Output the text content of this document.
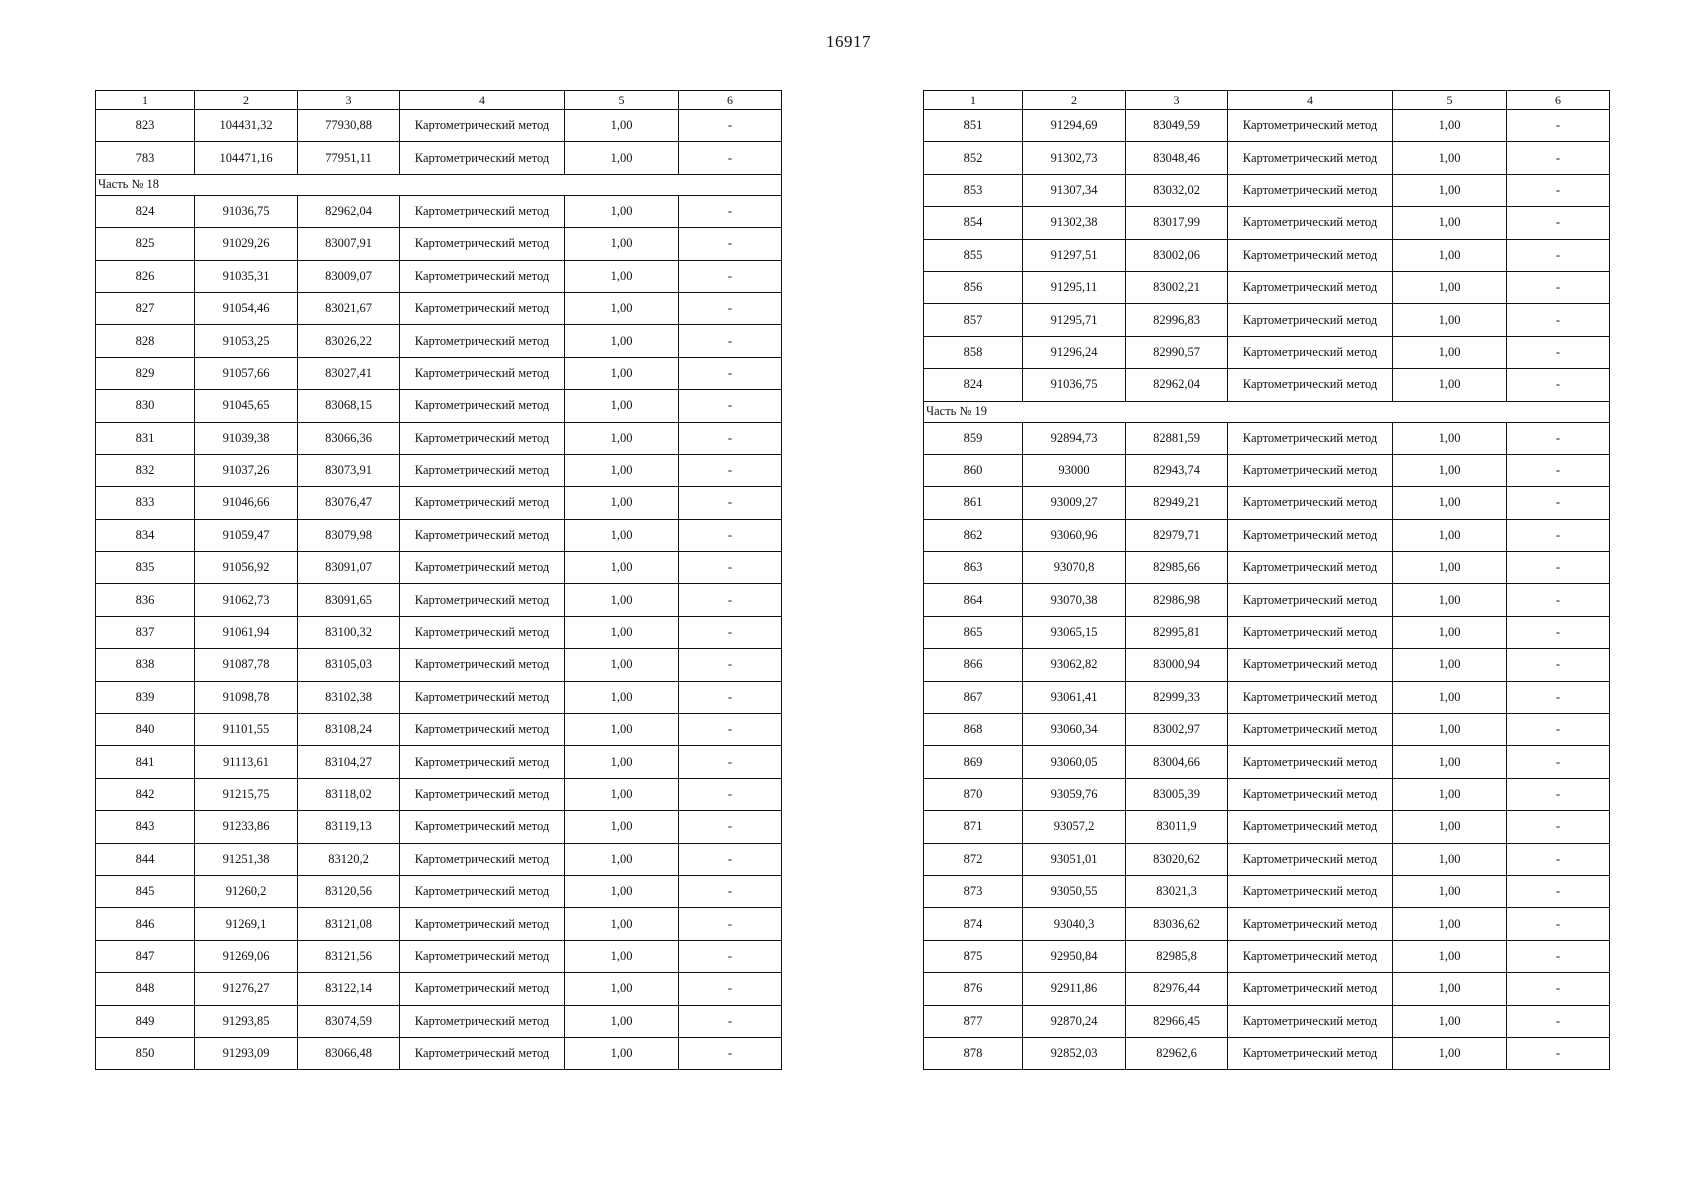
16917
1	2	3	4	5	6
823	104431,32	77930,88	Картометрический метод	1,00	-
783	104471,16	77951,11	Картометрический метод	1,00	-
Часть № 18					
824	91036,75	82962,04	Картометрический метод	1,00	-
825	91029,26	83007,91	Картометрический метод	1,00	-
826	91035,31	83009,07	Картометрический метод	1,00	-
827	91054,46	83021,67	Картометрический метод	1,00	-
828	91053,25	83026,22	Картометрический метод	1,00	-
829	91057,66	83027,41	Картометрический метод	1,00	-
830	91045,65	83068,15	Картометрический метод	1,00	-
831	91039,38	83066,36	Картометрический метод	1,00	-
832	91037,26	83073,91	Картометрический метод	1,00	-
833	91046,66	83076,47	Картометрический метод	1,00	-
834	91059,47	83079,98	Картометрический метод	1,00	-
835	91056,92	83091,07	Картометрический метод	1,00	-
836	91062,73	83091,65	Картометрический метод	1,00	-
837	91061,94	83100,32	Картометрический метод	1,00	-
838	91087,78	83105,03	Картометрический метод	1,00	-
839	91098,78	83102,38	Картометрический метод	1,00	-
840	91101,55	83108,24	Картометрический метод	1,00	-
841	91113,61	83104,27	Картометрический метод	1,00	-
842	91215,75	83118,02	Картометрический метод	1,00	-
843	91233,86	83119,13	Картометрический метод	1,00	-
844	91251,38	83120,2	Картометрический метод	1,00	-
845	91260,2	83120,56	Картометрический метод	1,00	-
846	91269,1	83121,08	Картометрический метод	1,00	-
847	91269,06	83121,56	Картометрический метод	1,00	-
848	91276,27	83122,14	Картометрический метод	1,00	-
849	91293,85	83074,59	Картометрический метод	1,00	-
850	91293,09	83066,48	Картометрический метод	1,00	-
1	2	3	4	5	6
851	91294,69	83049,59	Картометрический метод	1,00	-
852	91302,73	83048,46	Картометрический метод	1,00	-
853	91307,34	83032,02	Картометрический метод	1,00	-
854	91302,38	83017,99	Картометрический метод	1,00	-
855	91297,51	83002,06	Картометрический метод	1,00	-
856	91295,11	83002,21	Картометрический метод	1,00	-
857	91295,71	82996,83	Картометрический метод	1,00	-
858	91296,24	82990,57	Картометрический метод	1,00	-
824	91036,75	82962,04	Картометрический метод	1,00	-
Часть № 19					
859	92894,73	82881,59	Картометрический метод	1,00	-
860	93000	82943,74	Картометрический метод	1,00	-
861	93009,27	82949,21	Картометрический метод	1,00	-
862	93060,96	82979,71	Картометрический метод	1,00	-
863	93070,8	82985,66	Картометрический метод	1,00	-
864	93070,38	82986,98	Картометрический метод	1,00	-
865	93065,15	82995,81	Картометрический метод	1,00	-
866	93062,82	83000,94	Картометрический метод	1,00	-
867	93061,41	82999,33	Картометрический метод	1,00	-
868	93060,34	83002,97	Картометрический метод	1,00	-
869	93060,05	83004,66	Картометрический метод	1,00	-
870	93059,76	83005,39	Картометрический метод	1,00	-
871	93057,2	83011,9	Картометрический метод	1,00	-
872	93051,01	83020,62	Картометрический метод	1,00	-
873	93050,55	83021,3	Картометрический метод	1,00	-
874	93040,3	83036,62	Картометрический метод	1,00	-
875	92950,84	82985,8	Картометрический метод	1,00	-
876	92911,86	82976,44	Картометрический метод	1,00	-
877	92870,24	82966,45	Картометрический метод	1,00	-
878	92852,03	82962,6	Картометрический метод	1,00	-
